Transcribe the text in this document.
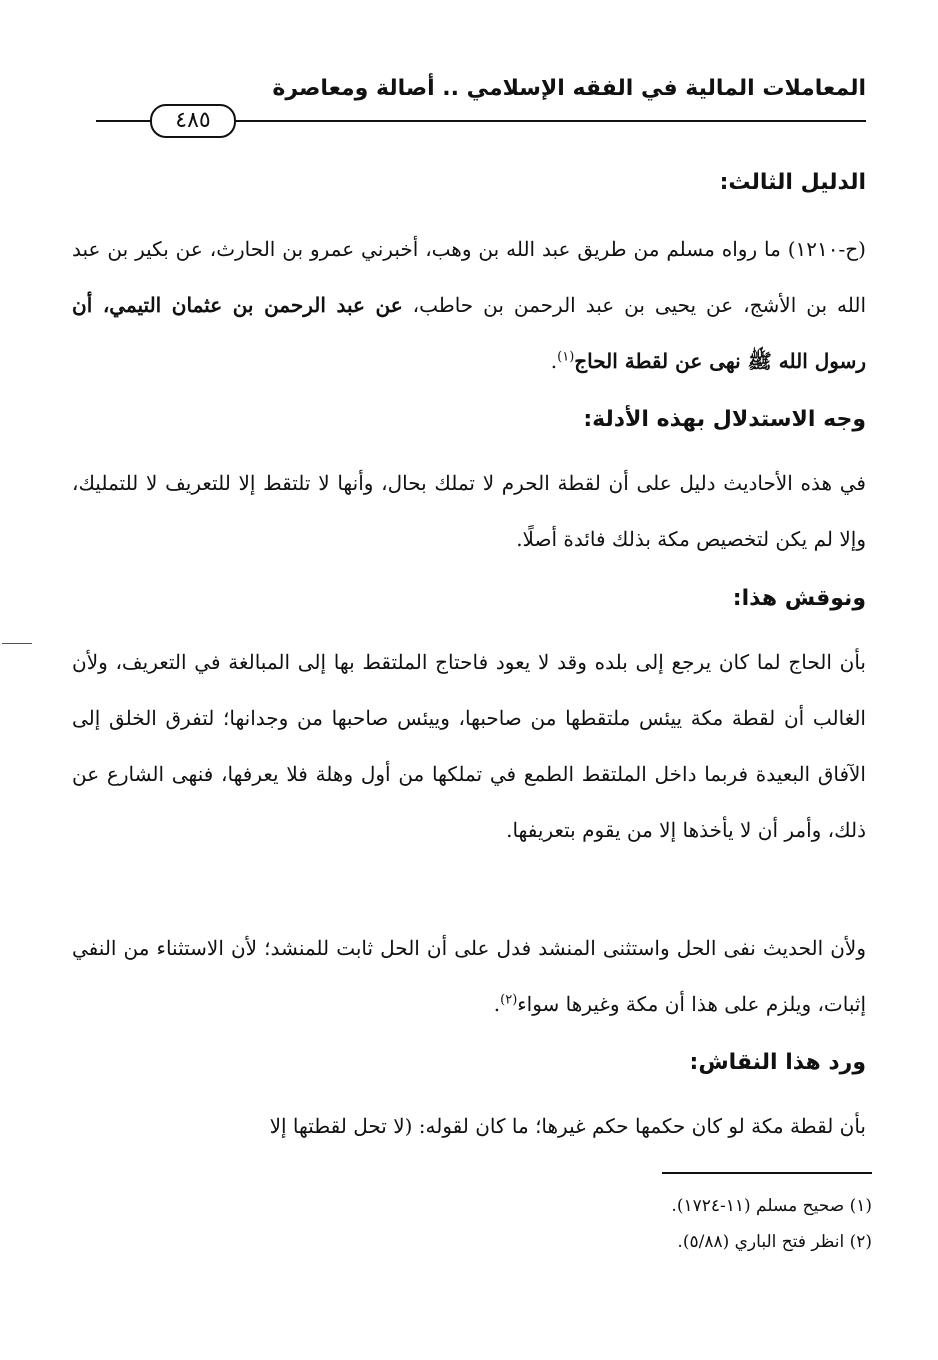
المعاملات المالية في الفقه الإسلامي .. أصالة ومعاصرة
٤٨٥
الدليل الثالث:
(ح-١٢١٠) ما رواه مسلم من طريق عبد الله بن وهب، أخبرني عمرو بن الحارث، عن بكير بن عبد الله بن الأشج، عن يحيى بن عبد الرحمن بن حاطب، عن عبد الرحمن بن عثمان التيمي، أن رسول الله ﷺ نهى عن لقطة الحاج$^{(١)}$.
وجه الاستدلال بهذه الأدلة:
في هذه الأحاديث دليل على أن لقطة الحرم لا تملك بحال، وأنها لا تلتقط إلا للتعريف لا للتمليك، وإلا لم يكن لتخصيص مكة بذلك فائدة أصلًا.
ونوقش هذا:
بأن الحاج لما كان يرجع إلى بلده وقد لا يعود فاحتاج الملتقط بها إلى المبالغة في التعريف، ولأن الغالب أن لقطة مكة ييئس ملتقطها من صاحبها، وييئس صاحبها من وجدانها؛ لتفرق الخلق إلى الآفاق البعيدة فربما داخل الملتقط الطمع في تملكها من أول وهلة فلا يعرفها، فنهى الشارع عن ذلك، وأمر أن لا يأخذها إلا من يقوم بتعريفها.
ولأن الحديث نفى الحل واستثنى المنشد فدل على أن الحل ثابت للمنشد؛ لأن الاستثناء من النفي إثبات، ويلزم على هذا أن مكة وغيرها سواء$^{(٢)}$.
ورد هذا النقاش:
بأن لقطة مكة لو كان حكمها حكم غيرها؛ ما كان لقوله: (لا تحل لقطتها إلا
(١) صحيح مسلم (١١-١٧٢٤).
(٢) انظر فتح الباري (٥/٨٨).
